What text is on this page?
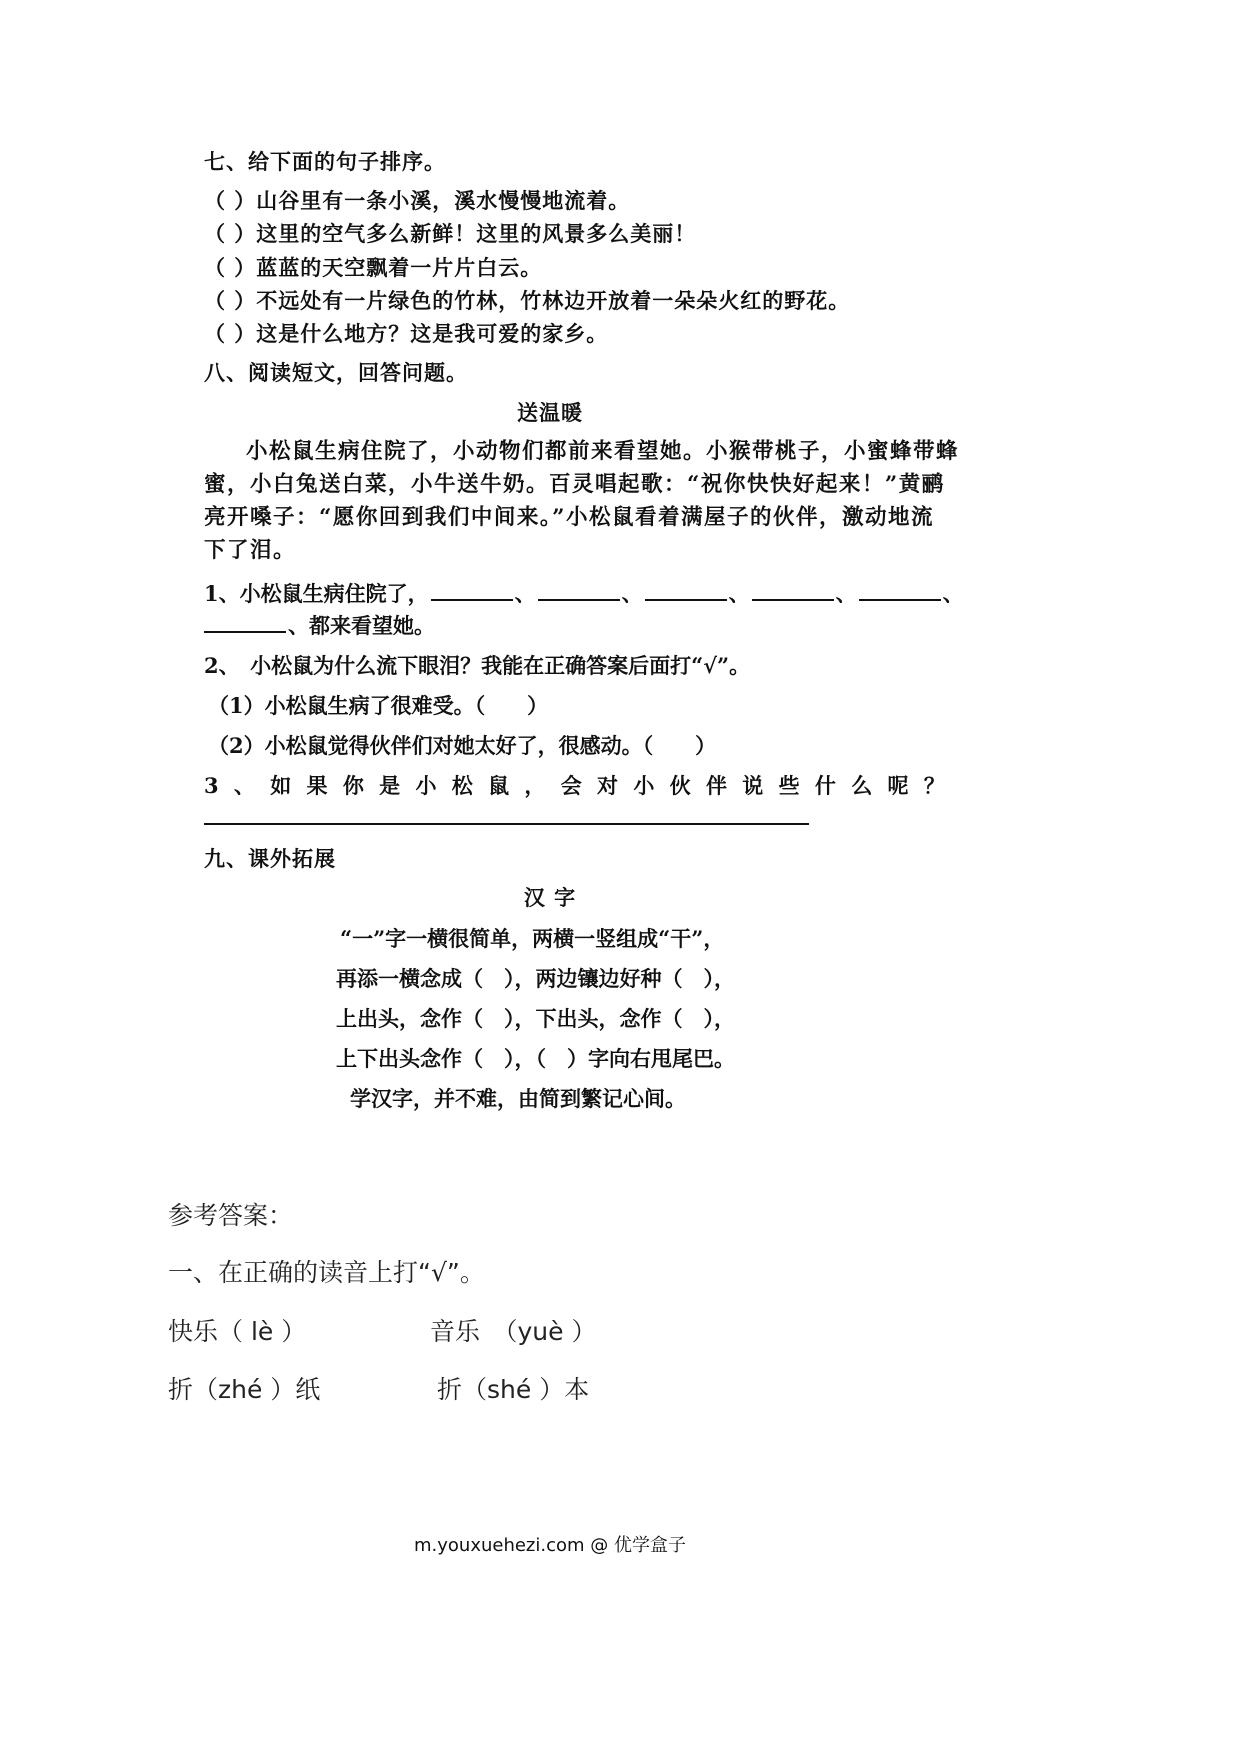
七、给下面的句子排序。
（ ）山谷里有一条小溪，溪水慢慢地流着。
（ ）这里的空气多么新鲜！这里的风景多么美丽！
（ ）蓝蓝的天空飘着一片片白云。
（ ）不远处有一片绿色的竹林，竹林边开放着一朵朵火红的野花。
（ ）这是什么地方？这是我可爱的家乡。
八、阅读短文，回答问题。
送温暖
小松鼠生病住院了，小动物们都前来看望她。小猴带桃子，小蜜蜂带蜂
蜜，小白兔送白菜，小牛送牛奶。百灵唱起歌：“祝你快快好起来！”黄鹂
亮开嗓子：“愿你回到我们中间来。”小松鼠看着满屋子的伙伴，激动地流
下了泪。
1、小松鼠生病住院了，	、	、	、	、	、
、都来看望她。
2、　小松鼠为什么流下眼泪？我能在正确答案后面打“√”。
（1）小松鼠生病了很难受。（　　）
（2）小松鼠觉得伙伴们对她太好了，很感动。（　　）
3 、 如 果 你 是 小 松 鼠 ， 会 对 小 伙 伴 说 些 什 么 呢 ？
九、课外拓展
汉 字
“一”字一横很简单，两横一竖组成“干”，
再添一横念成（　），两边镶边好种（　），
上出头，念作（　），下出头，念作（　），
上下出头念作（　），（　）字向右甩尾巴。
学汉字，并不难，由简到繁记心间。
参考答案：
一、在正确的读音上打“√”。
快乐（ lè ）	音乐　（yuè ）
折（zhé ）纸	折（shé ）本
m.youxuehezi.com @ 优学盒子
